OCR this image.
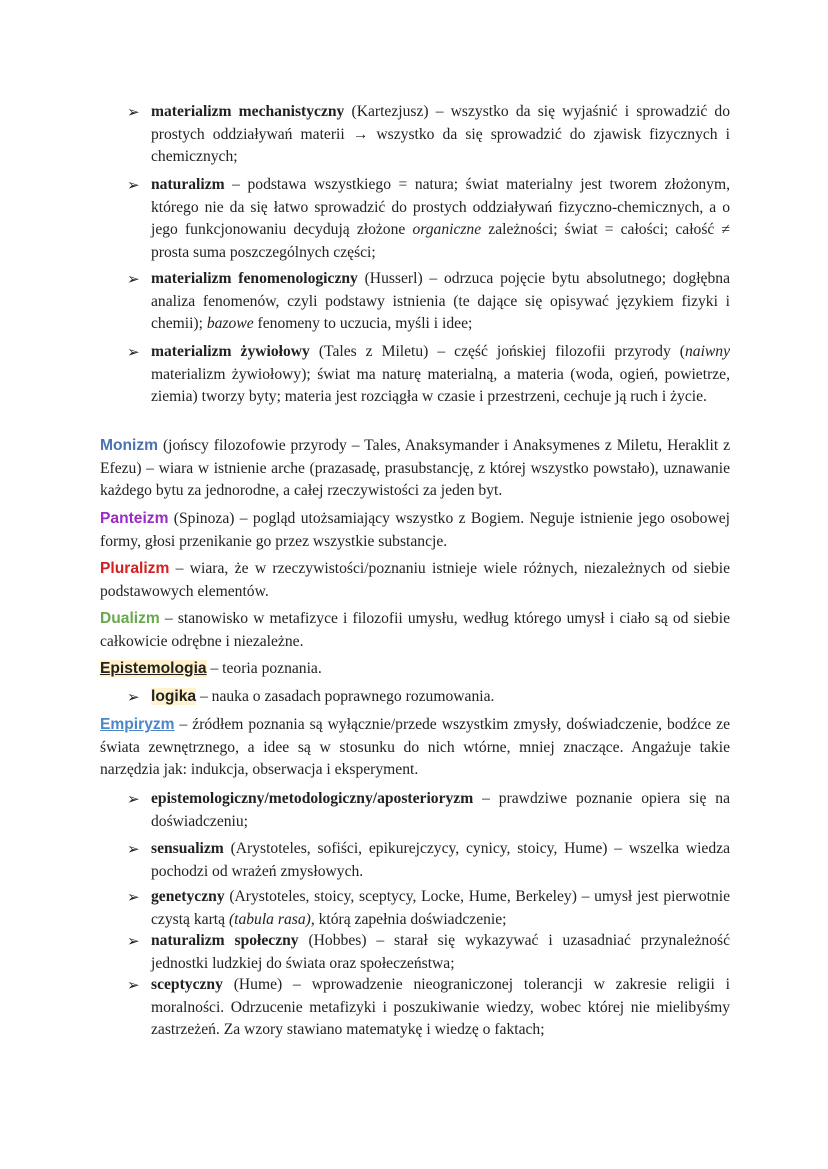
➢ materializm mechanistyczny (Kartezjusz) – wszystko da się wyjaśnić i sprowadzić do prostych oddziaływań materii → wszystko da się sprowadzić do zjawisk fizycznych i chemicznych;
➢ naturalizm – podstawa wszystkiego = natura; świat materialny jest tworem złożonym, którego nie da się łatwo sprowadzić do prostych oddziaływań fizyczno-chemicznych, a o jego funkcjonowaniu decydują złożone organiczne zależności; świat = całości; całość ≠ prosta suma poszczególnych części;
➢ materializm fenomenologiczny (Husserl) – odrzuca pojęcie bytu absolutnego; dogłębna analiza fenomenów, czyli podstawy istnienia (te dające się opisywać językiem fizyki i chemii); bazowe fenomeny to uczucia, myśli i idee;
➢ materializm żywiołowy (Tales z Miletu) – część jońskiej filozofii przyrody (naiwny materializm żywiołowy); świat ma naturę materialną, a materia (woda, ogień, powietrze, ziemia) tworzy byty; materia jest rozciągła w czasie i przestrzeni, cechuje ją ruch i życie.
Monizm (jońscy filozofowie przyrody – Tales, Anaksymander i Anaksymenes z Miletu, Heraklit z Efezu) – wiara w istnienie arche (prazasadę, prasubstancję, z której wszystko powstało), uznawanie każdego bytu za jednorodne, a całej rzeczywistości za jeden byt.
Panteizm (Spinoza) – pogląd utożsamiający wszystko z Bogiem. Neguje istnienie jego osobowej formy, głosi przenikanie go przez wszystkie substancje.
Pluralizm – wiara, że w rzeczywistości/poznaniu istnieje wiele różnych, niezależnych od siebie podstawowych elementów.
Dualizm – stanowisko w metafizyce i filozofii umysłu, według którego umysł i ciało są od siebie całkowicie odrębne i niezależne.
Epistemologia – teoria poznania.
➢ logika – nauka o zasadach poprawnego rozumowania.
Empiryzm – źródłem poznania są wyłącznie/przede wszystkim zmysły, doświadczenie, bodźce ze świata zewnętrznego, a idee są w stosunku do nich wtórne, mniej znaczące. Angażuje takie narzędzia jak: indukcja, obserwacja i eksperyment.
➢ epistemologiczny/metodologiczny/aposterioryzm – prawdziwe poznanie opiera się na doświadczeniu;
➢ sensualizm (Arystoteles, sofiści, epikurejczycy, cynicy, stoicy, Hume) – wszelka wiedza pochodzi od wrażeń zmysłowych.
➢ genetyczny (Arystoteles, stoicy, sceptycy, Locke, Hume, Berkeley) – umysł jest pierwotnie czystą kartą (tabula rasa), którą zapełnia doświadczenie;
➢ naturalizm społeczny (Hobbes) – starał się wykazywać i uzasadniać przynależność jednostki ludzkiej do świata oraz społeczeństwa;
➢ sceptyczny (Hume) – wprowadzenie nieograniczonej tolerancji w zakresie religii i moralności. Odrzucenie metafizyki i poszukiwanie wiedzy, wobec której nie mielibyśmy zastrzeżeń. Za wzory stawiano matematykę i wiedzę o faktach;
